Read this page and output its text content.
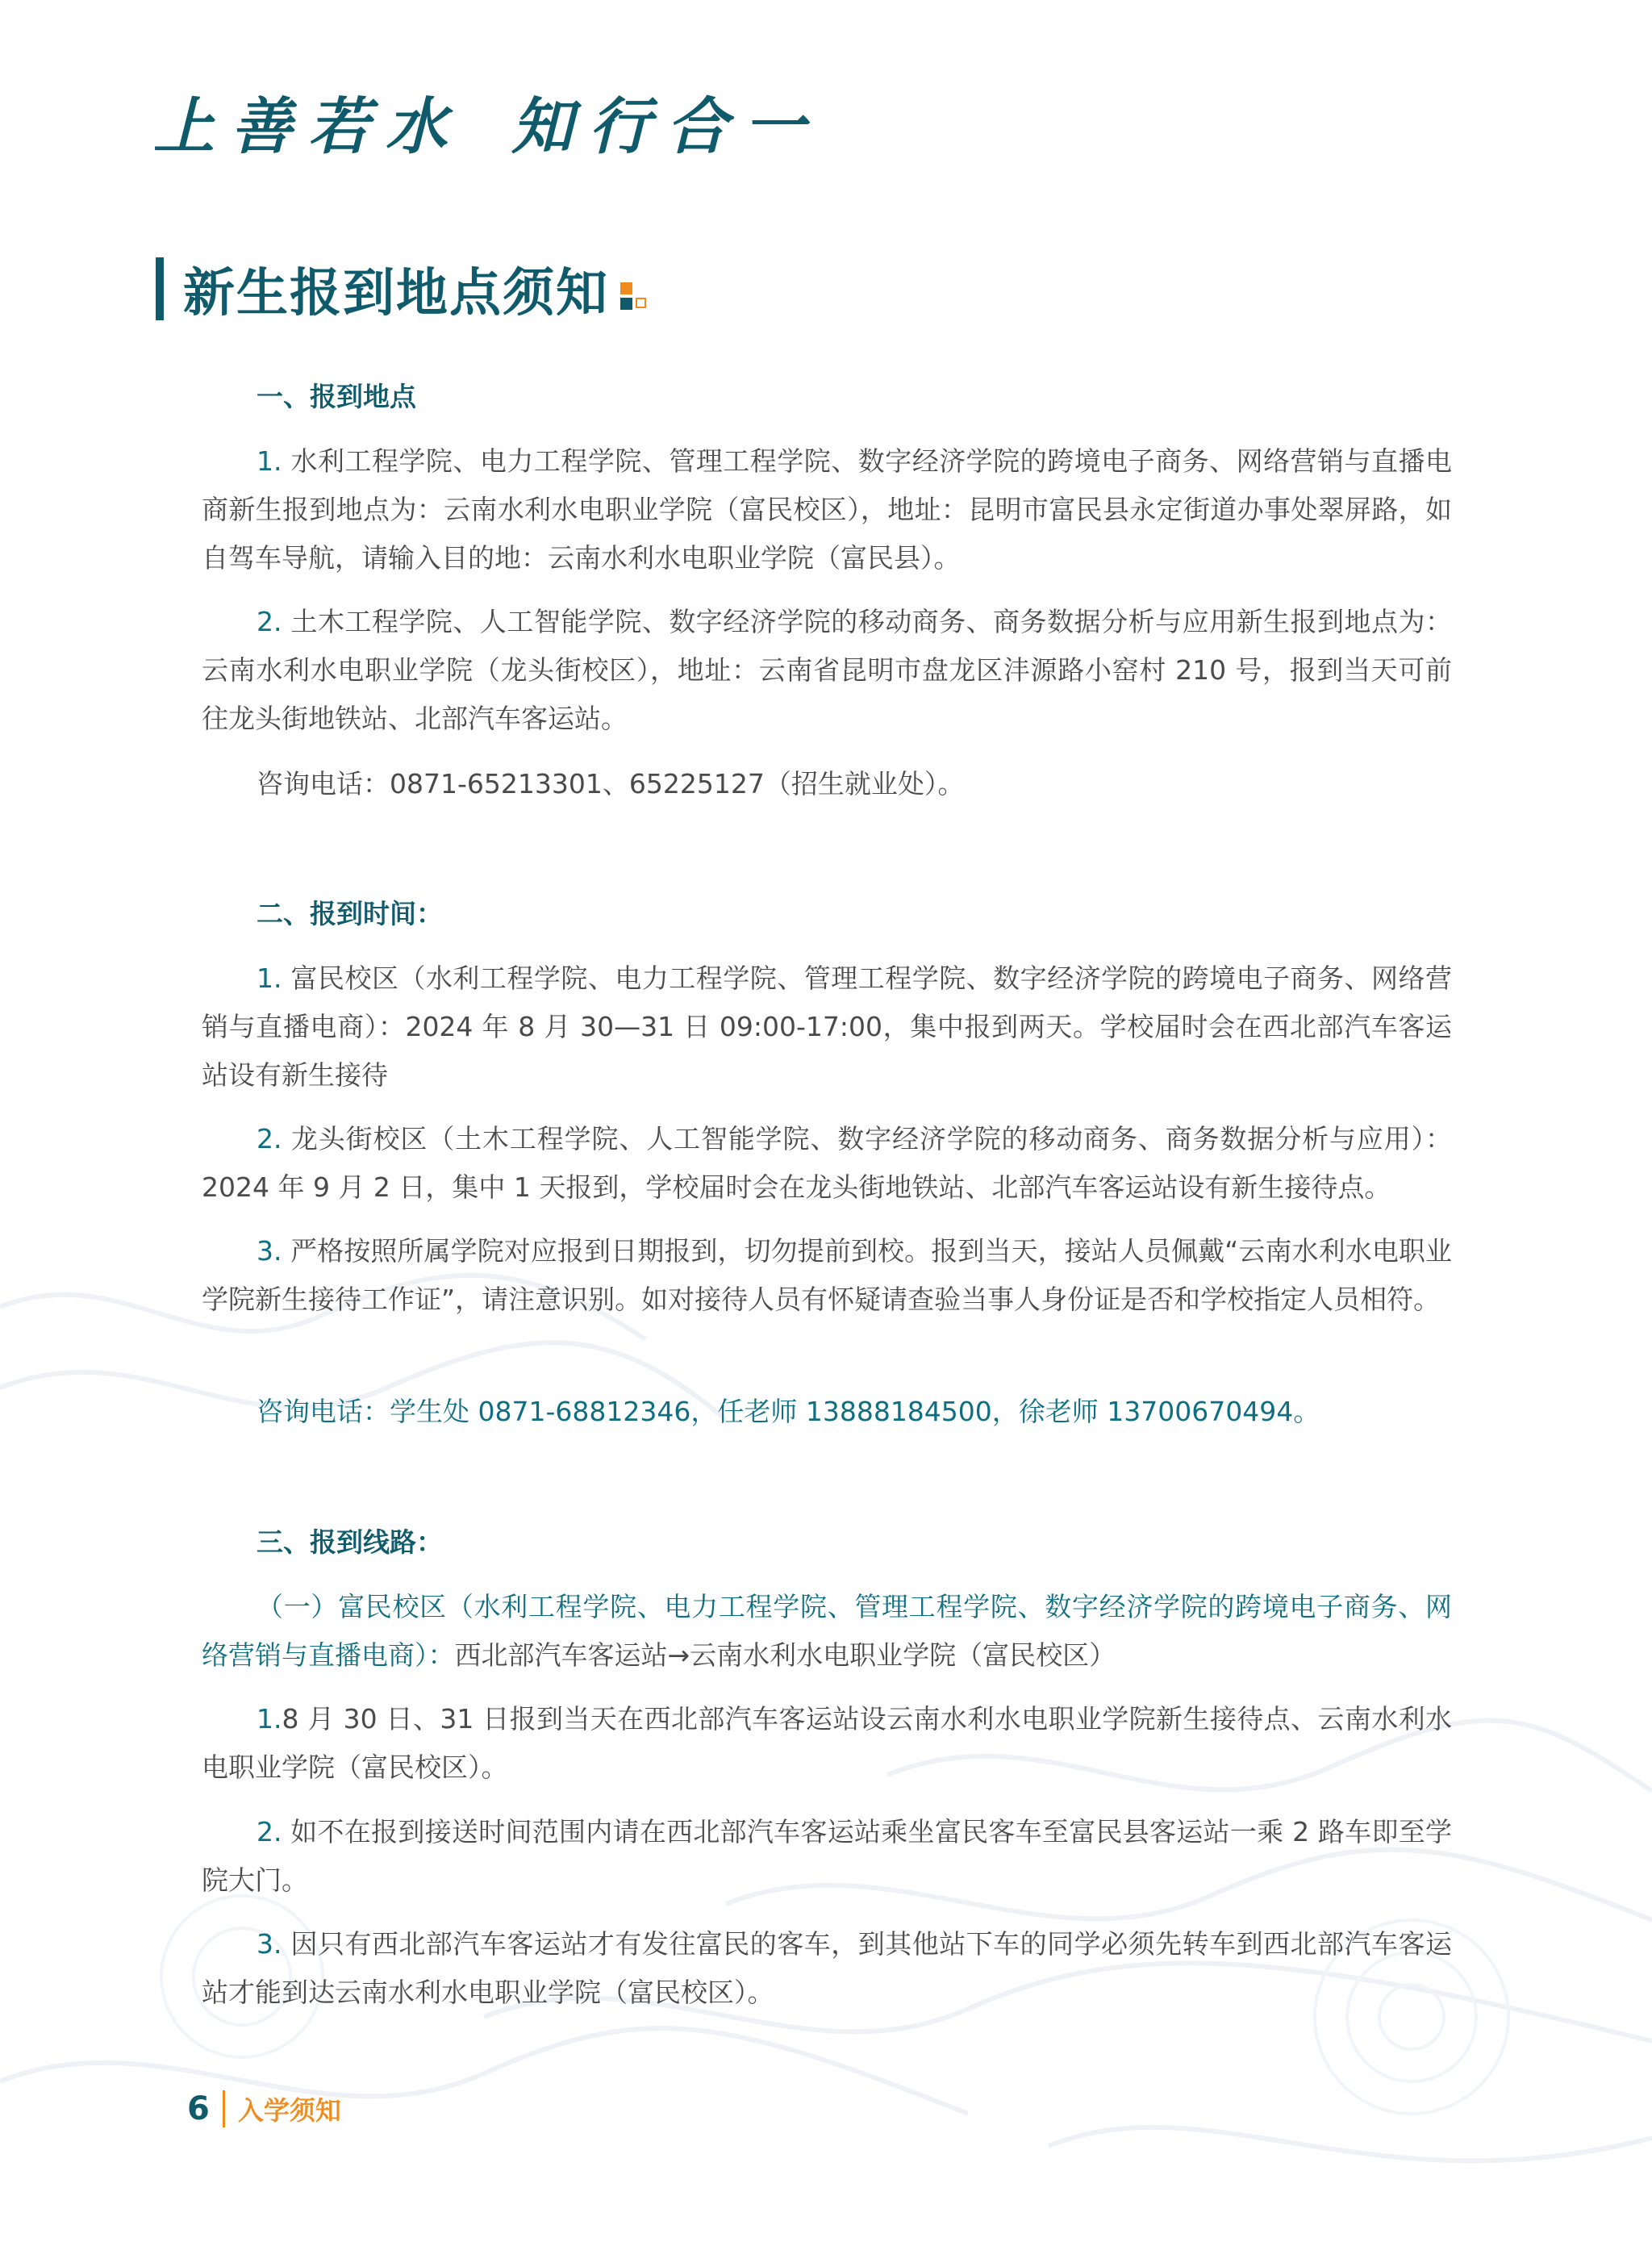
上善若水 知行合一
新生报到地点须知
一、报到地点
1. 水利工程学院、电力工程学院、管理工程学院、数字经济学院的跨境电子商务、网络营销与直播电商新生报到地点为：云南水利水电职业学院（富民校区），地址：昆明市富民县永定街道办事处翠屏路，如自驾车导航，请输入目的地：云南水利水电职业学院（富民县）。
2. 土木工程学院、人工智能学院、数字经济学院的移动商务、商务数据分析与应用新生报到地点为：云南水利水电职业学院（龙头街校区），地址：云南省昆明市盘龙区沣源路小窑村 210 号，报到当天可前往龙头街地铁站、北部汽车客运站。
咨询电话：0871-65213301、65225127（招生就业处）。
二、报到时间：
1. 富民校区（水利工程学院、电力工程学院、管理工程学院、数字经济学院的跨境电子商务、网络营销与直播电商）：2024 年 8 月 30—31 日 09:00-17:00，集中报到两天。学校届时会在西北部汽车客运站设有新生接待
2. 龙头街校区（土木工程学院、人工智能学院、数字经济学院的移动商务、商务数据分析与应用）：2024 年 9 月 2 日，集中 1 天报到，学校届时会在龙头街地铁站、北部汽车客运站设有新生接待点。
3. 严格按照所属学院对应报到日期报到，切勿提前到校。报到当天，接站人员佩戴“云南水利水电职业学院新生接待工作证”，请注意识别。如对接待人员有怀疑请查验当事人身份证是否和学校指定人员相符。
咨询电话：学生处 0871-68812346，任老师 13888184500，徐老师 13700670494。
三、报到线路：
（一）富民校区（水利工程学院、电力工程学院、管理工程学院、数字经济学院的跨境电子商务、网络营销与直播电商）：西北部汽车客运站→云南水利水电职业学院（富民校区）
1.8 月 30 日、31 日报到当天在西北部汽车客运站设云南水利水电职业学院新生接待点、云南水利水电职业学院（富民校区）。
2. 如不在报到接送时间范围内请在西北部汽车客运站乘坐富民客车至富民县客运站一乘 2 路车即至学院大门。
3. 因只有西北部汽车客运站才有发往富民的客车，到其他站下车的同学必须先转车到西北部汽车客运站才能到达云南水利水电职业学院（富民校区）。
6 入学须知
